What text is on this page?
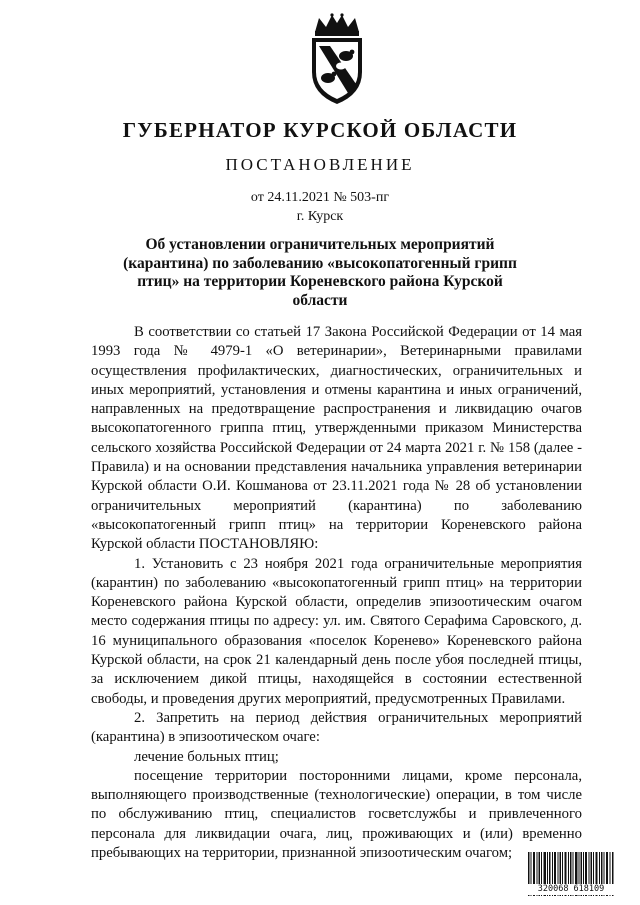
ГУБЕРНАТОР КУРСКОЙ ОБЛАСТИ
ПОСТАНОВЛЕНИЕ
от 24.11.2021 № 503-пг
г. Курск
Об установлении ограничительных мероприятий (карантина) по заболеванию «высокопатогенный грипп птиц» на территории Кореневского района Курской области

В соответствии со статьей 17 Закона Российской Федерации от 14 мая 1993 года № 4979-1 «О ветеринарии», Ветеринарными правилами осуществления профилактических, диагностических, ограничительных и иных мероприятий, установления и отмены карантина и иных ограничений, направленных на предотвращение распространения и ликвидацию очагов высокопатогенного гриппа птиц, утвержденными приказом Министерства сельского хозяйства Российской Федерации от 24 марта 2021 г. № 158 (далее - Правила) и на основании представления начальника управления ветеринарии Курской области О.И. Кошманова от 23.11.2021 года № 28 об установлении ограничительных мероприятий (карантина) по заболеванию «высокопатогенный грипп птиц» на территории Кореневского района Курской области ПОСТАНОВЛЯЮ:

1. Установить с 23 ноября 2021 года ограничительные мероприятия (карантин) по заболеванию «высокопатогенный грипп птиц» на территории Кореневского района Курской области, определив эпизоотическим очагом место содержания птицы по адресу: ул. им. Святого Серафима Саровского, д. 16 муниципального образования «поселок Коренево» Кореневского района Курской области, на срок 21 календарный день после убоя последней птицы, за исключением дикой птицы, находящейся в состоянии естественной свободы, и проведения других мероприятий, предусмотренных Правилами.

2. Запретить на период действия ограничительных мероприятий (карантина) в эпизоотическом очаге:

лечение больных птиц;

посещение территории посторонними лицами, кроме персонала, выполняющего производственные (технологические) операции, в том числе по обслуживанию птиц, специалистов госветслужбы и привлеченного персонала для ликвидации очага, лиц, проживающих и (или) временно пребывающих на территории, признанной эпизоотическим очагом;

320068 618109
